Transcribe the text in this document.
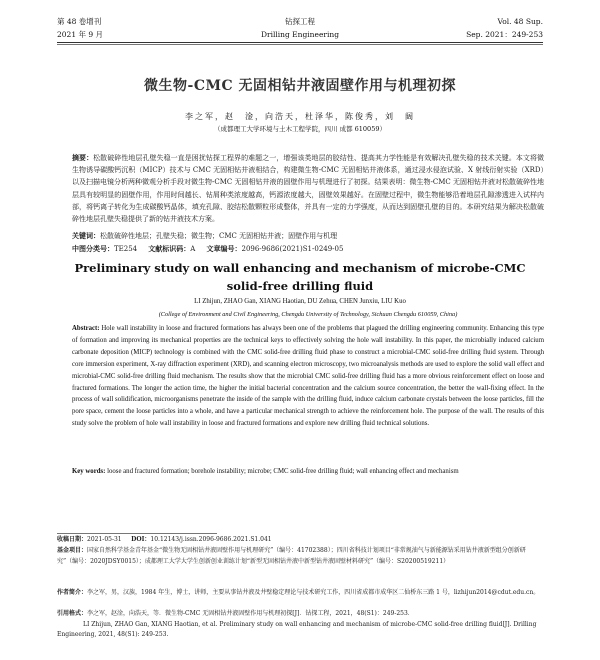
第 48 卷增刊
2021 年 9 月
钻探工程
Drilling Engineering
Vol. 48 Sup.
Sep. 2021：249-253
微生物-CMC 无固相钻井液固壁作用与机理初探
李之军，赵　淦，向浩天，杜泽华，陈俊秀，刘　阔
（成都理工大学环境与土木工程学院，四川 成都 610059）
摘要：松散破碎性地层孔壁失稳一直是困扰钻探工程界的难题之一，增强该类地层的胶结性、提高其力学性能是有效解决孔壁失稳的技术关键。本文将微生物诱导碳酸钙沉积（MICP）技术与 CMC 无固相钻井液相结合，构建微生物-CMC 无固相钻井液体系，通过浸水侵泡试验、X 射线衍射实验（XRD）以及扫描电镜分析两种微观分析手段对微生物-CMC 无固相钻井液的固壁作用与机理进行了初探。结果表明：微生物-CMC 无固相钻井液对松散破碎性地层具有较明显的固壁作用，作用时间越长、钻屑种类浓度越高，钙源浓度越大，固壁效果越好。在固壁过程中，微生物能够沿着地层孔隙渗透进入试样内部，将钙离子转化为生成碳酸钙晶体，填充孔隙、胶结松散颗粒形成整体，并具有一定的力学强度，从而达到固壁孔壁的目的。本研究结果为解决松散破碎性地层孔壁失稳提供了新的钻井液技术方案。
关键词：松散破碎性地层；孔壁失稳；微生物；CMC 无固相钻井液；固壁作用与机理
中图分类号：TE254 文献标识码：A 文章编号：2096-9686(2021)S1-0249-05
Preliminary study on wall enhancing and mechanism of microbe-CMC
solid-free drilling fluid
LI Zhijun, ZHAO Gan, XIANG Haotian, DU Zehua, CHEN Junxiu, LIU Kuo
(College of Environment and Civil Engineering, Chengdu University of Technology, Sichuan Chengdu 610059, China)
Abstract: Hole wall instability in loose and fractured formations has always been one of the problems that plagued the drilling engineering community. Enhancing this type of formation and improving its mechanical properties are the technical keys to effectively solving the hole wall instability. In this paper, the microbially induced calcium carbonate deposition (MICP) technology is combined with the CMC solid-free drilling fluid phase to construct a microbial-CMC solid-free drilling fluid system. Through core immersion experiment, X-ray diffraction experiment (XRD), and scanning electron microscopy, two microanalysis methods are used to explore the solid wall effect and microbial-CMC solid-free drilling fluid mechanism. The results show that the microbial CMC solid-free drilling fluid has a more obvious reinforcement effect on loose and fractured formations. The longer the action time, the higher the initial bacterial concentration and the calcium source concentration, the better the wall-fixing effect. In the process of wall solidification, microorganisms penetrate the inside of the sample with the drilling fluid, induce calcium carbonate crystals between the loose particles, fill the pore space, cement the loose particles into a whole, and have a particular mechanical strength to achieve the reinforcement hole. The purpose of the wall. The results of this study solve the problem of hole wall instability in loose and fractured formations and explore new drilling fluid technical solutions.
Key words: loose and fractured formation; borehole instability; microbe; CMC solid-free drilling fluid; wall enhancing effect and mechanism
收稿日期：2021-05-31 DOI：10.12143/j.issn.2096-9686.2021.S1.041
基金项目：国家自然科学基金青年基金“微生物无固相钻井液固壁作用与机理研究”（编号：41702388）；四川省科技计划项目“非常规油气与新能源钻采用钻井液新型组分创新研究”（编号：2020JDSY0015）；成都理工大学大学生创新创业训练计划“新型无固相钻井液中新型钻井液固壁材料研究”（编号：S20200519211）
作者简介：李之军，男，汉族，1984 年生，博士，讲师，主要从事钻井液及井壁稳定理论与技术研究工作，四川省成都市成华区二仙桥东三路 1 号，lizhijun2014@cdut.edu.cn。
引用格式：李之军，赵淦，向浩天，等．微生物-CMC 无固相钻井液固壁作用与机理初探[J]．钻探工程，2021，48(S1)：249-253．
LI Zhijun, ZHAO Gan, XIANG Haotian, et al. Preliminary study on wall enhancing and mechanism of microbe-CMC solid-free drilling fluid[J]. Drilling Engineering, 2021, 48(S1): 249-253.
